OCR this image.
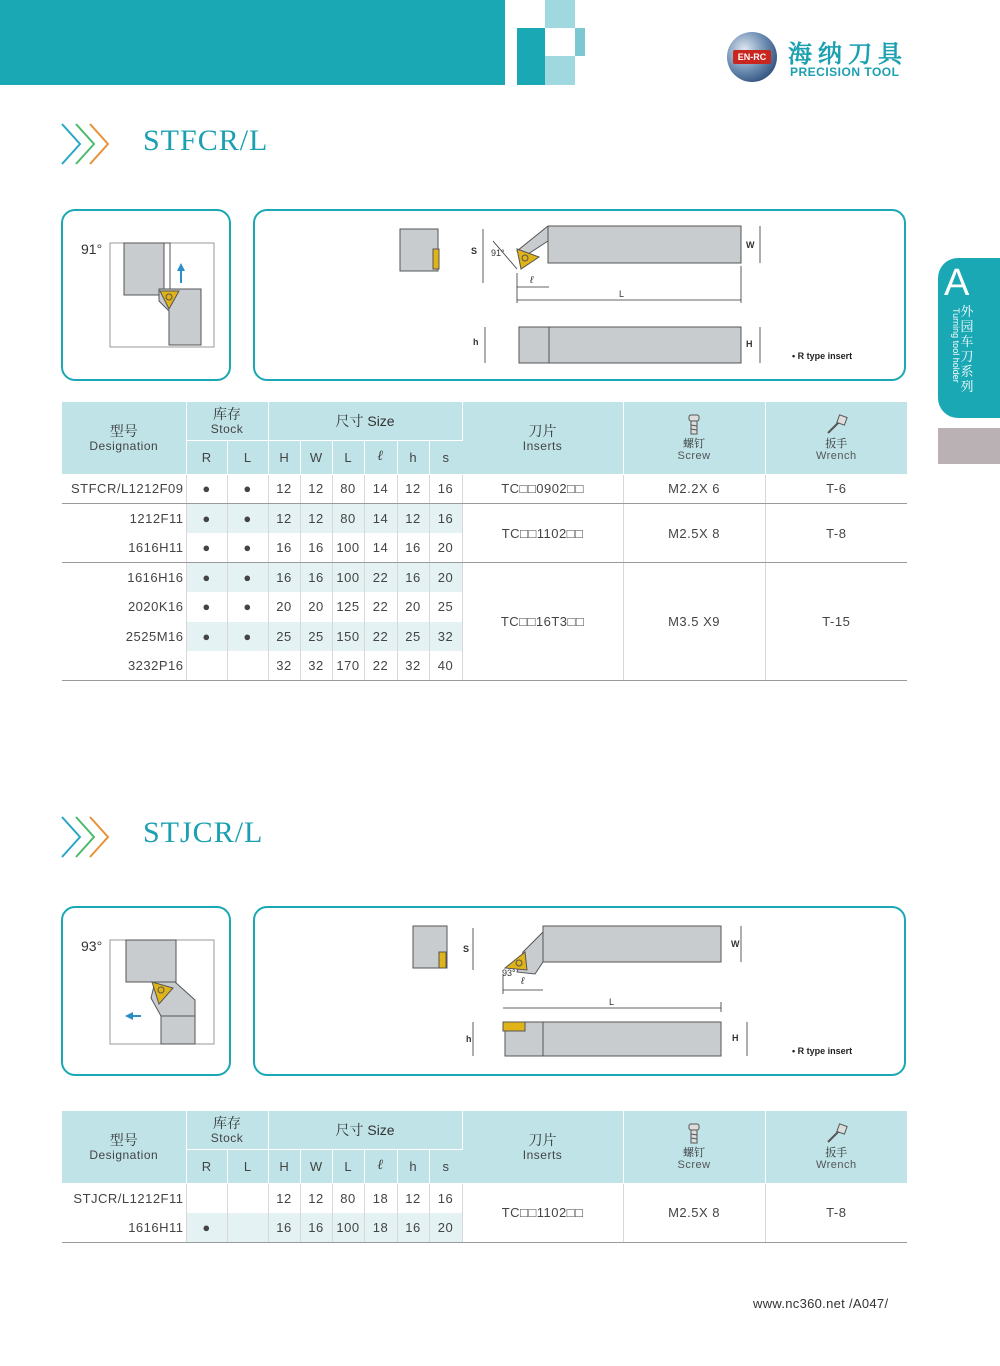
EN-RC 海纳刀具
PRECISION TOOL
A
Turning tool holder 外园车刀系列
STFCR/L
91°	S 91°
ℓ
L
W
h	H
• R type insert
型号
Designation	库存
Stock		尺寸 Size						刀片
Inserts	螺钉
Screw	扳手
Wrench

	R	L	H	W	L	ℓ	h	s			
STFCR/L1212F09	●	●	12	12	80	14	12	16	TC□□0902□□	M2.2X 6	T-6
1212F11	●	●	12	12	80	14	12	16	TC□□1102□□	M2.5X 8	T-8
1616H11	●	●	16	16	100	14	16	20			
1616H16	●	●	16	16	100	22	16	20	TC□□16T3□□	M3.5 X9	T-15
2020K16	●	●	20	20	125	22	20	25			
2525M16	●	●	25	25	150	22	25	32			
3232P16			32	32	170	22	32	40			
STJCR/L
93°	S
93°
ℓ
L
W
h	H
• R type insert
型号
Designation	库存
Stock		尺寸 Size						刀片
Inserts	螺钉
Screw	扳手
Wrench

	R	L	H	W	L	ℓ	h	s			
STJCR/L1212F11			12	12	80	18	12	16	TC□□1102□□	M2.5X 8	T-8
1616H11	●		16	16	100	18	16	20			
www.nc360.net /A047/
